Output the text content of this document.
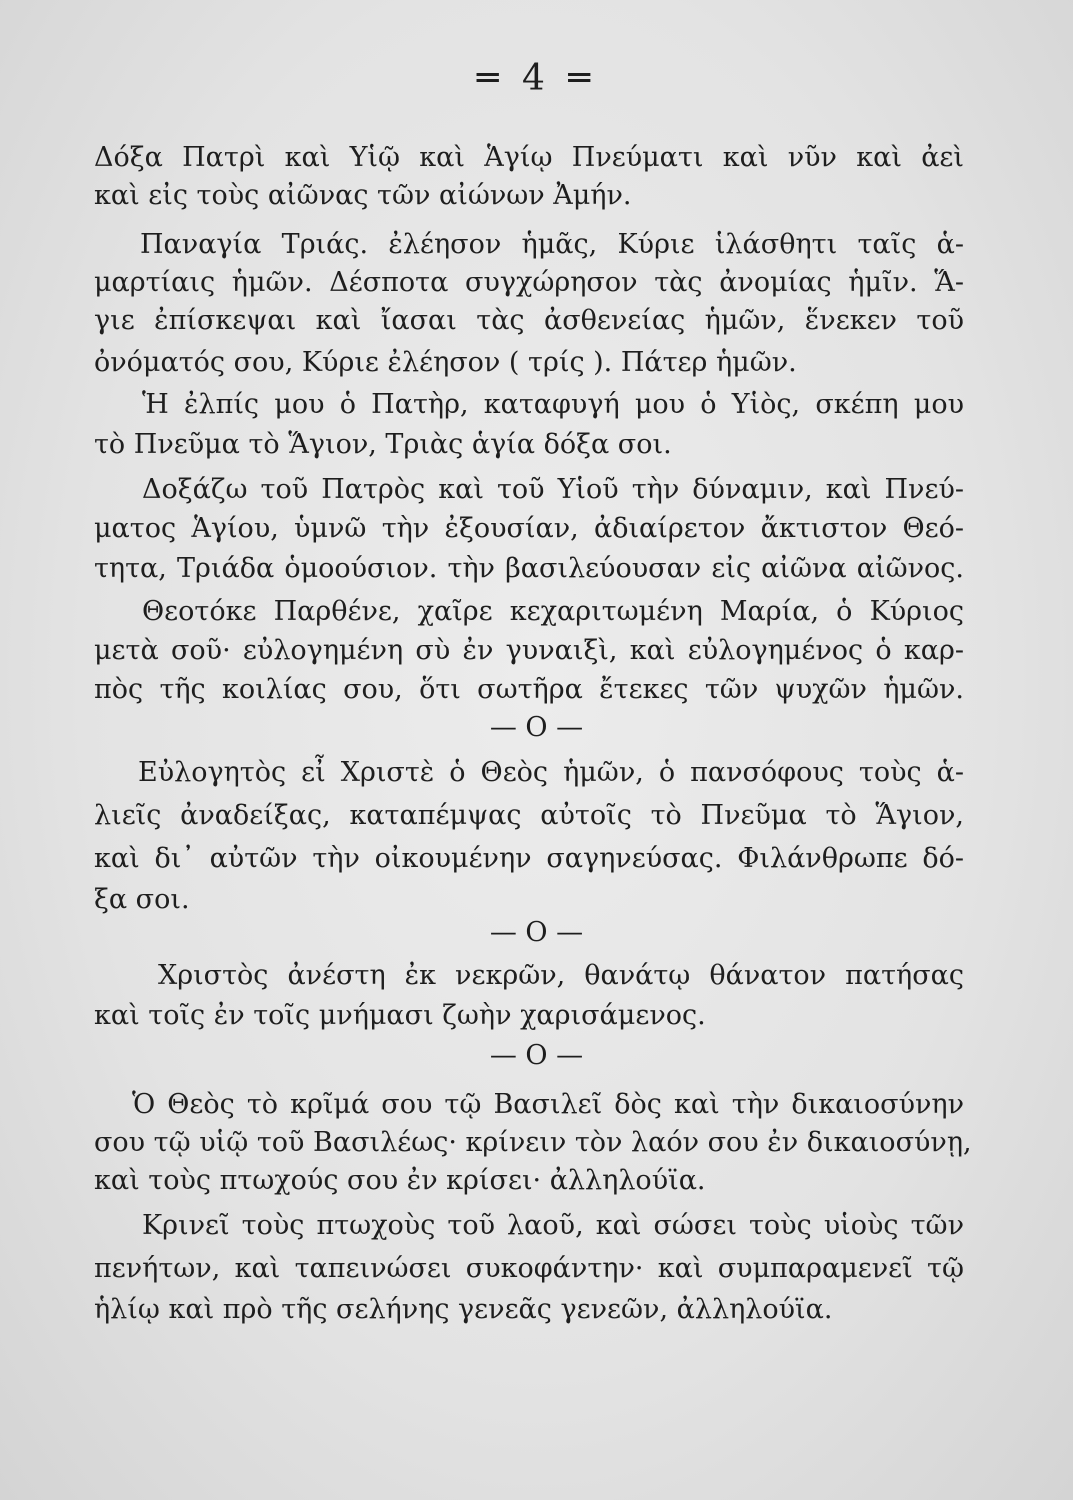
═ 4 ═
Δόξα Πατρὶ καὶ Υἱῷ καὶ Ἁγίῳ Πνεύματι καὶ νῦν καὶ ἀεὶ
καὶ εἰς τοὺς αἰῶνας τῶν αἰώνων Ἀμήν.
Παναγία Τριάς. ἐλέησον ἡμᾶς, Κύριε ἱλάσθητι ταῖς ἁ-
μαρτίαις ἡμῶν. Δέσποτα συγχώρησον τὰς ἀνομίας ἡμῖν. Ἅ-
γιε ἐπίσκεψαι καὶ ἴασαι τὰς ἀσθενείας ἡμῶν, ἕνεκεν τοῦ
ὀνόματός σου, Κύριε ἐλέησον ( τρίς ). Πάτερ ἡμῶν.
Ἡ ἐλπίς μου ὁ Πατὴρ, καταφυγή μου ὁ Υἱὸς, σκέπη μου
τὸ Πνεῦμα τὸ Ἅγιον, Τριὰς ἁγία δόξα σοι.
Δοξάζω τοῦ Πατρὸς καὶ τοῦ Υἱοῦ τὴν δύναμιν, καὶ Πνεύ-
ματος Ἁγίου, ὑμνῶ τὴν ἐξουσίαν, ἀδιαίρετον ἄκτιστον Θεό-
τητα, Τριάδα ὁμοούσιον. τὴν βασιλεύουσαν εἰς αἰῶνα αἰῶνος.
Θεοτόκε Παρθένε, χαῖρε κεχαριτωμένη Μαρία, ὁ Κύριος
μετὰ σοῦ· εὐλογημένη σὺ ἐν γυναιξὶ, καὶ εὐλογημένος ὁ καρ-
πὸς τῆς κοιλίας σου, ὅτι σωτῆρα ἔτεκες τῶν ψυχῶν ἡμῶν.
— Ο —
Εὐλογητὸς εἶ Χριστὲ ὁ Θεὸς ἡμῶν, ὁ πανσόφους τοὺς ἁ-
λιεῖς ἀναδείξας, καταπέμψας αὐτοῖς τὸ Πνεῦμα τὸ Ἅγιον,
καὶ δι᾿ αὐτῶν τὴν οἰκουμένην σαγηνεύσας. Φιλάνθρωπε δό-
ξα σοι.
— Ο —
Χριστὸς ἀνέστη ἐκ νεκρῶν, θανάτῳ θάνατον πατήσας
καὶ τοῖς ἐν τοῖς μνήμασι ζωὴν χαρισάμενος.
— Ο —
Ὁ Θεὸς τὸ κρῖμά σου τῷ Βασιλεῖ δὸς καὶ τὴν δικαιοσύνην
σου τῷ υἱῷ τοῦ Βασιλέως· κρίνειν τὸν λαόν σου ἐν δικαιοσύνῃ,
καὶ τοὺς πτωχούς σου ἐν κρίσει· ἀλληλούϊα.
Κρινεῖ τοὺς πτωχοὺς τοῦ λαοῦ, καὶ σώσει τοὺς υἱοὺς τῶν
πενήτων, καὶ ταπεινώσει συκοφάντην· καὶ συμπαραμενεῖ τῷ
ἡλίῳ καὶ πρὸ τῆς σελήνης γενεᾶς γενεῶν, ἀλληλούϊα.
